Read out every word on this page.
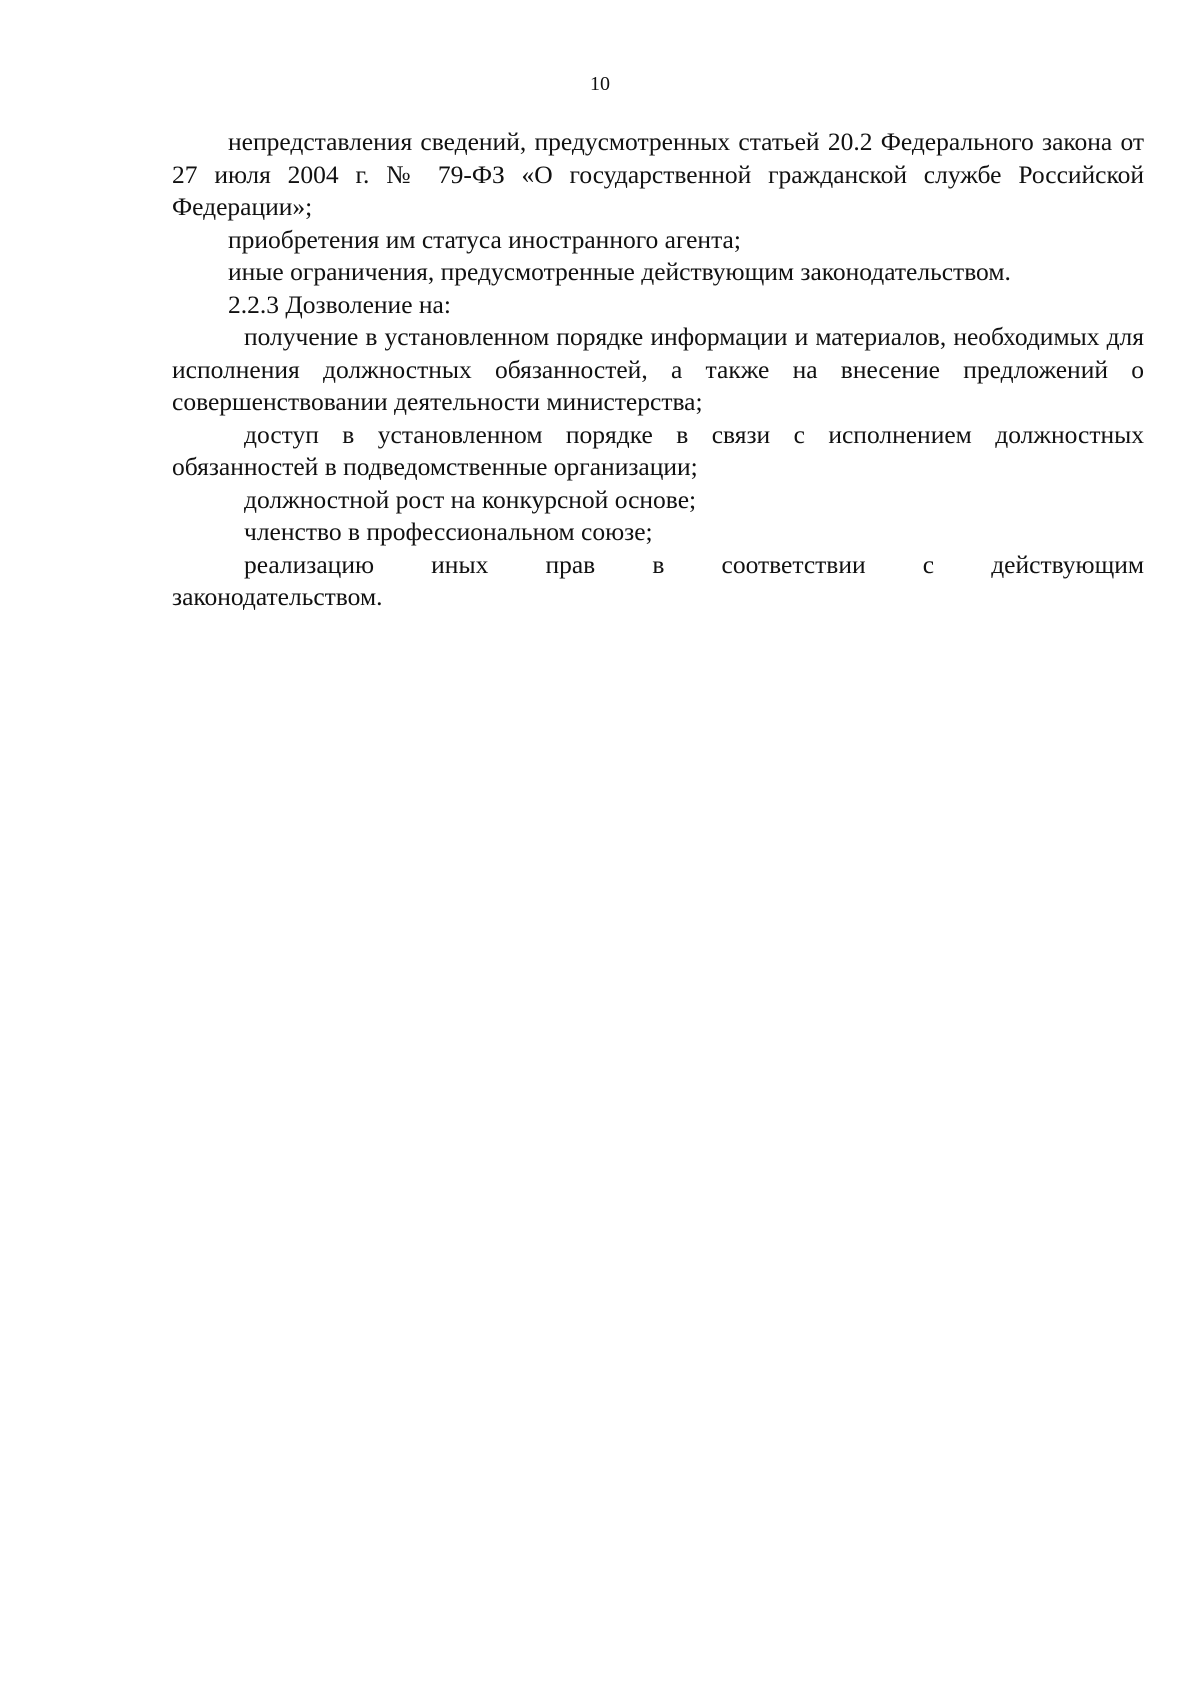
10

непредставления сведений, предусмотренных статьей 20.2 Федерального закона от 27 июля 2004 г. № 79-ФЗ «О государственной гражданской службе Российской Федерации»;

приобретения им статуса иностранного агента;

иные ограничения, предусмотренные действующим законодательством.

2.2.3 Дозволение на:

получение в установленном порядке информации и материалов, необходимых для исполнения должностных обязанностей, а также на внесение предложений о совершенствовании деятельности министерства;

доступ в установленном порядке в связи с исполнением должностных обязанностей в подведомственные организации;

должностной рост на конкурсной основе;

членство в профессиональном союзе;

реализацию иных прав в соответствии с действующим
законодательством.
